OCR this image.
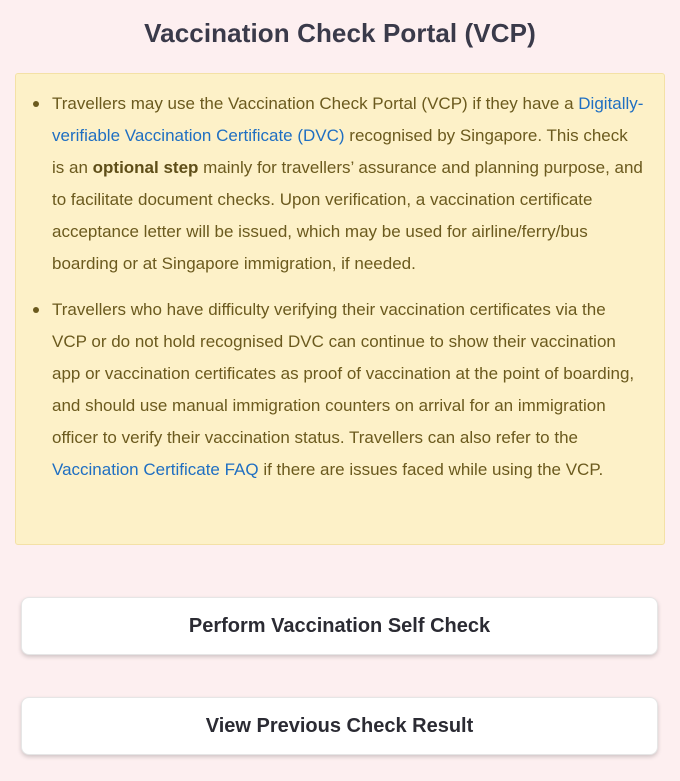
Vaccination Check Portal (VCP)
Travellers may use the Vaccination Check Portal (VCP) if they have a Digitally-verifiable Vaccination Certificate (DVC) recognised by Singapore. This check is an optional step mainly for travellers’ assurance and planning purpose, and to facilitate document checks. Upon verification, a vaccination certificate acceptance letter will be issued, which may be used for airline/ferry/bus boarding or at Singapore immigration, if needed.
Travellers who have difficulty verifying their vaccination certificates via the VCP or do not hold recognised DVC can continue to show their vaccination app or vaccination certificates as proof of vaccination at the point of boarding, and should use manual immigration counters on arrival for an immigration officer to verify their vaccination status. Travellers can also refer to the Vaccination Certificate FAQ if there are issues faced while using the VCP.
Perform Vaccination Self Check
View Previous Check Result
